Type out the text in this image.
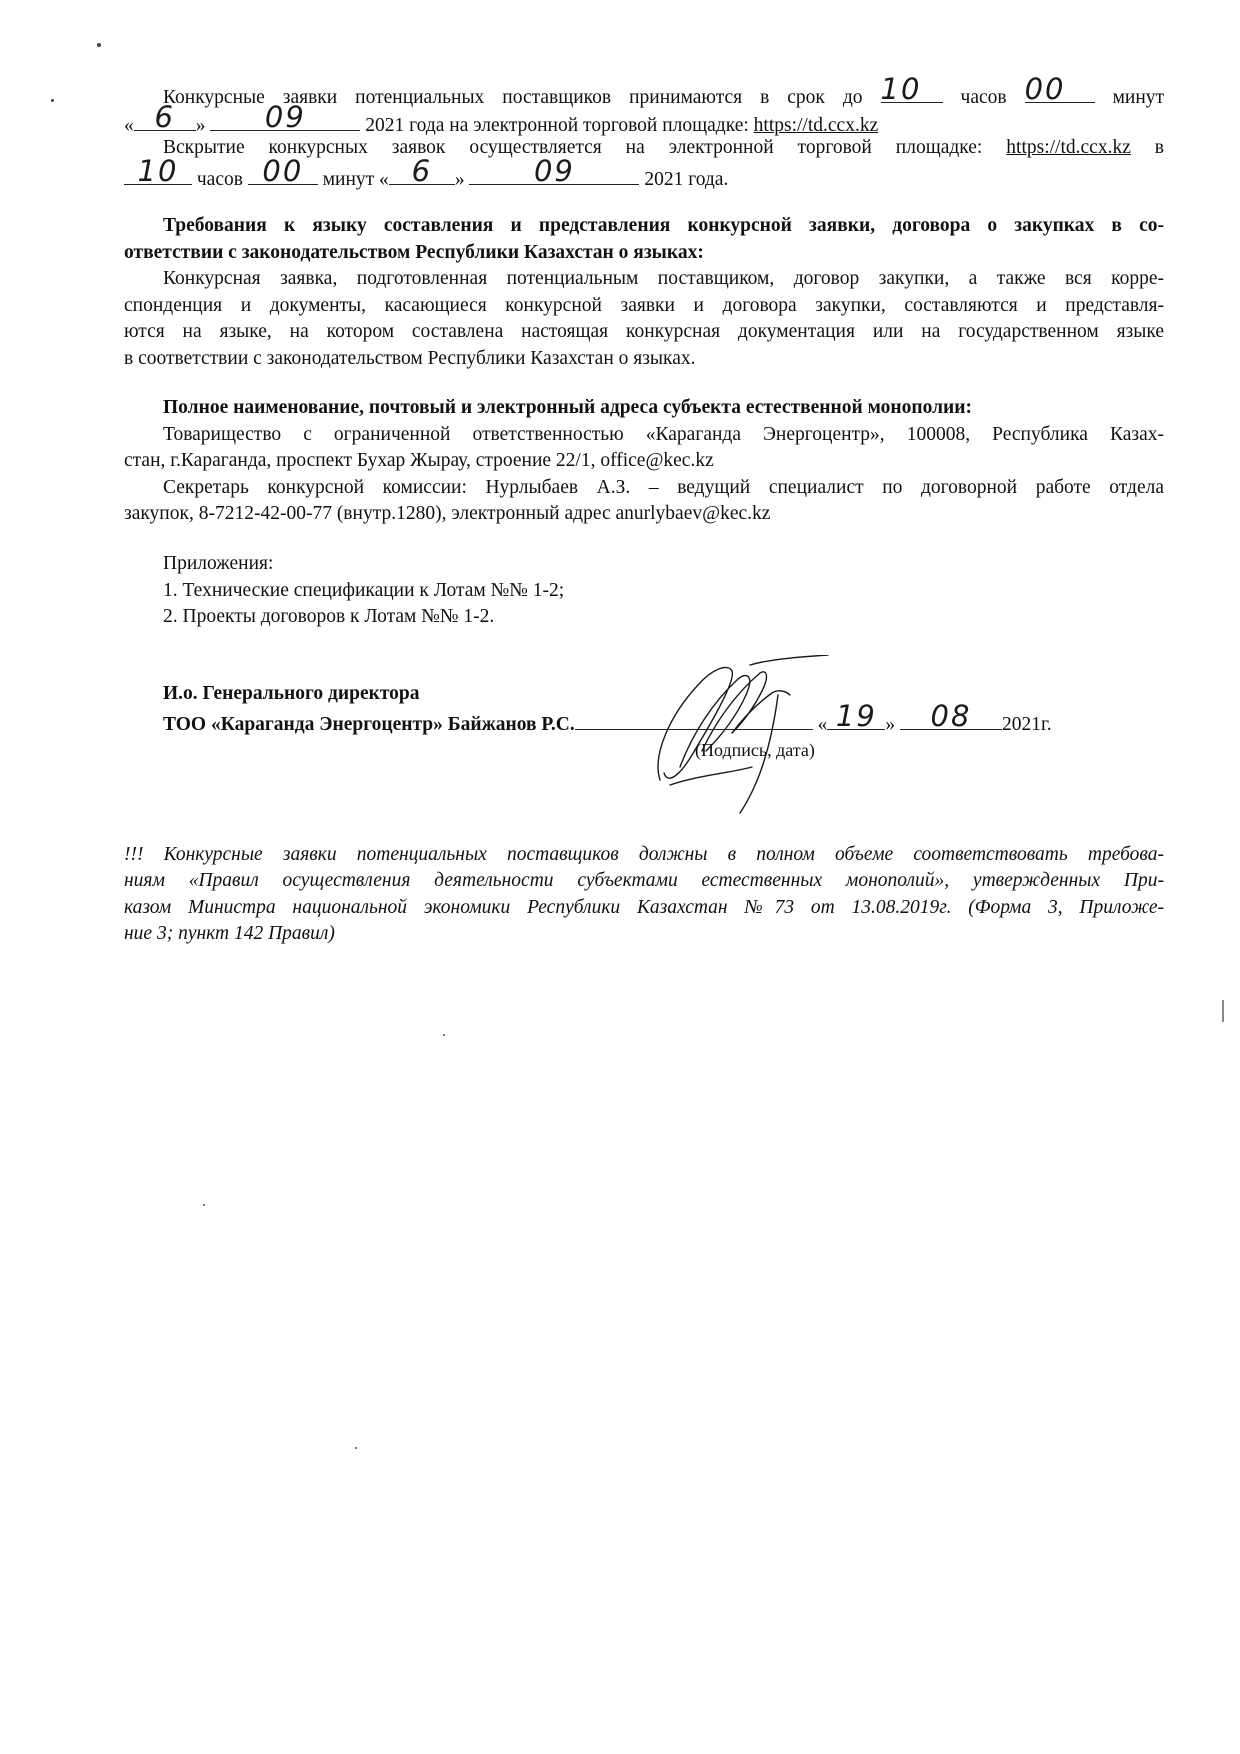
Конкурсные заявки потенциальных поставщиков принимаются в срок до 10	часов 00	минут
« 6	»	09	2021 года на электронной торговой площадке: https://td.ccx.kz
Вскрытие конкурсных заявок осуществляется на электронной торговой площадке: https://td.ccx.kz в
10 часов 00 минут « 6	»	09	2021 года.
Требования к языку составления и представления конкурсной заявки, договора о закупках в со-
ответствии с законодательством Республики Казахстан о языках:
Конкурсная заявка, подготовленная потенциальным поставщиком, договор закупки, а также вся корре-
спонденция и документы, касающиеся конкурсной заявки и договора закупки, составляются и представля-
ются на языке, на котором составлена настоящая конкурсная документация или на государственном языке
в соответствии с законодательством Республики Казахстан о языках.
Полное наименование, почтовый и электронный адреса субъекта естественной монополии:
Товарищество с ограниченной ответственностью «Караганда Энергоцентр», 100008, Республика Казах-
стан, г.Караганда, проспект Бухар Жырау, строение 22/1, office@kec.kz
Секретарь конкурсной комиссии: Нурлыбаев А.З. – ведущий специалист по договорной работе отдела
закупок, 8-7212-42-00-77 (внутр.1280), электронный адрес anurlybaev@kec.kz
Приложения:
1. Технические спецификации к Лотам №№ 1-2;
2. Проекты договоров к Лотам №№ 1-2.
И.о. Генерального директора
ТОО «Караганда Энергоцентр» Байжанов Р.С.	« 19 »	08	2021г.
(Подпись, дата)
!!! Конкурсные заявки потенциальных поставщиков должны в полном объеме соответствовать требова-
ниям «Правил осуществления деятельности субъектами естественных монополий», утвержденных При-
казом Министра национальной экономики Республики Казахстан №73 от 13.08.2019г. (Форма 3, Приложе-
ние 3; пункт 142 Правил)
